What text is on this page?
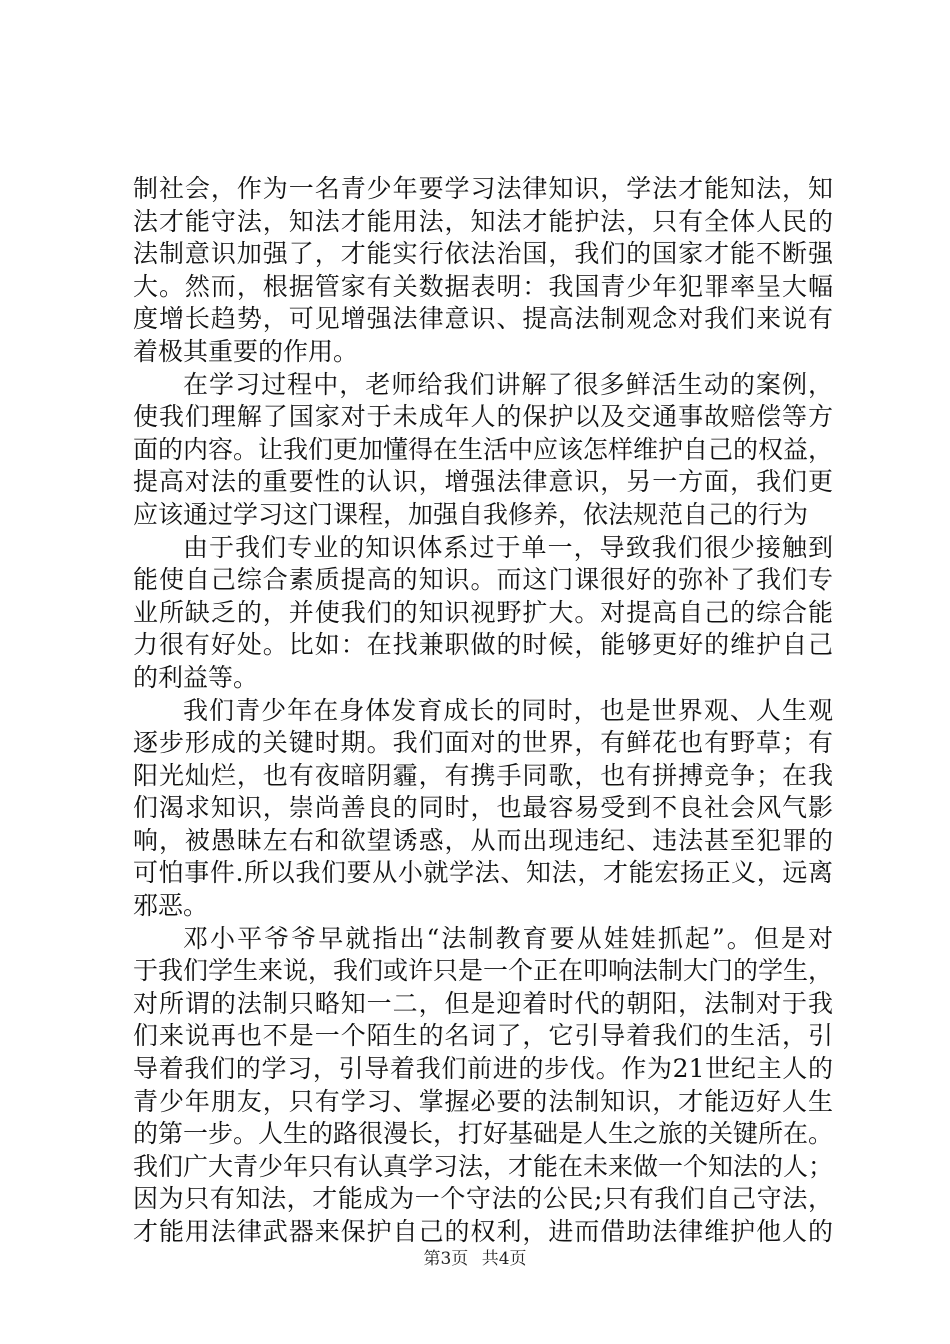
制社会，作为一名青少年要学习法律知识，学法才能知法，知
法才能守法，知法才能用法，知法才能护法，只有全体人民的
法制意识加强了，才能实行依法治国，我们的国家才能不断强
大。然而，根据管家有关数据表明：我国青少年犯罪率呈大幅
度增长趋势，可见增强法律意识、提高法制观念对我们来说有
着极其重要的作用。
在学习过程中，老师给我们讲解了很多鲜活生动的案例，
使我们理解了国家对于未成年人的保护以及交通事故赔偿等方
面的内容。让我们更加懂得在生活中应该怎样维护自己的权益，
提高对法的重要性的认识，增强法律意识，另一方面，我们更
应该通过学习这门课程，加强自我修养，依法规范自己的行为
由于我们专业的知识体系过于单一，导致我们很少接触到
能使自己综合素质提高的知识。而这门课很好的弥补了我们专
业所缺乏的，并使我们的知识视野扩大。对提高自己的综合能
力很有好处。比如：在找兼职做的时候，能够更好的维护自己
的利益等。
我们青少年在身体发育成长的同时，也是世界观、人生观
逐步形成的关键时期。我们面对的世界，有鲜花也有野草；有
阳光灿烂，也有夜暗阴霾，有携手同歌，也有拼搏竞争；在我
们渴求知识，崇尚善良的同时，也最容易受到不良社会风气影
响，被愚昧左右和欲望诱惑，从而出现违纪、违法甚至犯罪的
可怕事件.所以我们要从小就学法、知法，才能宏扬正义，远离
邪恶。
邓小平爷爷早就指出“法制教育要从娃娃抓起”。但是对
于我们学生来说，我们或许只是一个正在叩响法制大门的学生，
对所谓的法制只略知一二，但是迎着时代的朝阳，法制对于我
们来说再也不是一个陌生的名词了，它引导着我们的生活，引
导着我们的学习，引导着我们前进的步伐。作为21世纪主人的
青少年朋友，只有学习、掌握必要的法制知识，才能迈好人生
的第一步。人生的路很漫长，打好基础是人生之旅的关键所在。
我们广大青少年只有认真学习法，才能在未来做一个知法的人；
因为只有知法，才能成为一个守法的公民;只有我们自己守法，
才能用法律武器来保护自己的权利，进而借助法律维护他人的
第3页 共4页
